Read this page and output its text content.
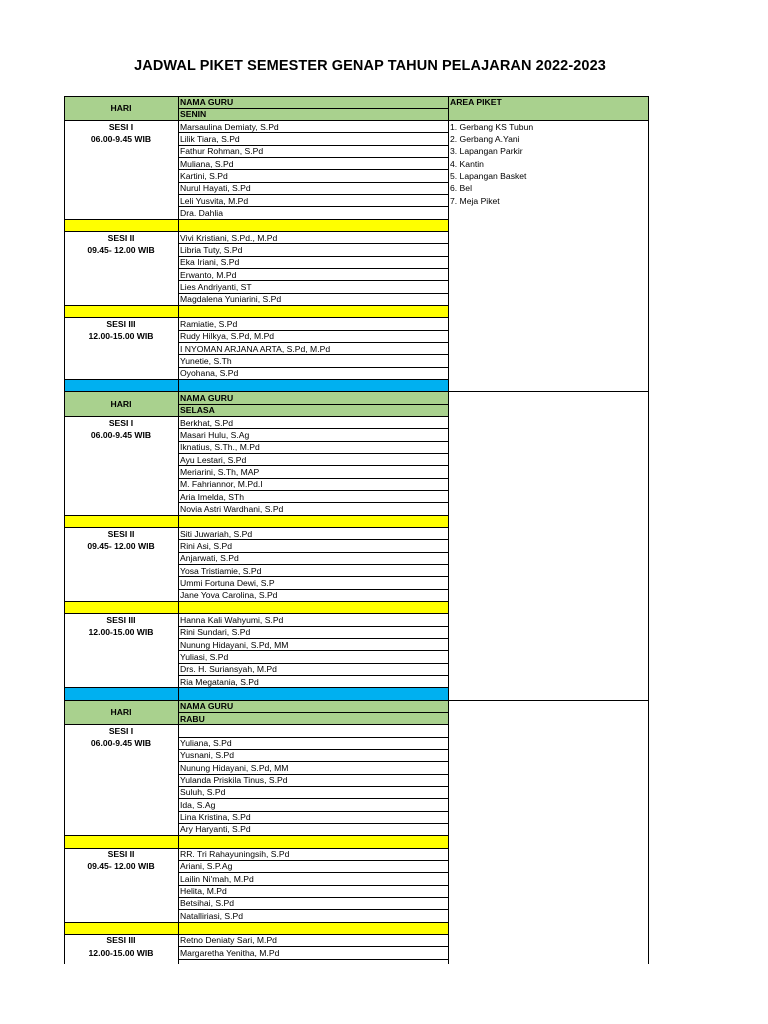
JADWAL PIKET SEMESTER GENAP TAHUN PELAJARAN 2022-2023
HARI
NAMA GURU
SENIN
AREA PIKET
SESI I
06.00-9.45 WIB
Marsaulina Demiaty, S.Pd
Lilik Tiara, S.Pd
Fathur Rohman, S.Pd
Muliana, S.Pd
Kartini, S.Pd
Nurul Hayati, S.Pd
Leli Yusvita, M.Pd
Dra. Dahlia
SESI II
09.45- 12.00 WIB
Vivi Kristiani, S.Pd., M.Pd
Libria Tuty, S.Pd
Eka Iriani, S.Pd
Erwanto, M.Pd
Lies Andriyanti, ST
Magdalena Yuniarini, S.Pd
SESI III
12.00-15.00 WIB
Ramiatie, S.Pd
Rudy Hilkya, S.Pd, M.Pd
I NYOMAN ARJANA ARTA, S.Pd, M.Pd
Yunetie, S.Th
Oyohana, S.Pd
HARI
NAMA GURU
SELASA
SESI I
06.00-9.45 WIB
Berkhat, S.Pd
Masari Hulu, S.Ag
Iknatius, S.Th., M.Pd
Ayu Lestari, S.Pd
Meriarini, S.Th, MAP
M. Fahriannor, M.Pd.I
Aria Imelda, STh
Novia Astri Wardhani, S.Pd
SESI II
09.45- 12.00 WIB
Siti Juwariah, S.Pd
Rini Asi, S.Pd
Anjarwati, S.Pd
Yosa Tristiamie, S.Pd
Ummi Fortuna Dewi, S.P
Jane Yova Carolina, S.Pd
SESI III
12.00-15.00 WIB
Hanna Kali Wahyumi, S.Pd
Rini Sundari, S.Pd
Nunung Hidayani, S.Pd, MM
Yuliasi, S.Pd
Drs. H. Suriansyah, M.Pd
Ria Megatania, S.Pd
HARI
NAMA GURU
RABU
SESI I
06.00-9.45 WIB	Yuliana, S.Pd
Yusnani, S.Pd
Nunung Hidayani, S.Pd, MM
Yulanda Priskila Tinus, S.Pd
Suluh, S.Pd
Ida, S.Ag
Lina Kristina, S.Pd
Ary Haryanti, S.Pd
SESI II
09.45- 12.00 WIB
RR. Tri Rahayuningsih, S.Pd
Ariani, S.P.Ag
Lailin Ni'mah, M.Pd
Helita, M.Pd
Betsihai, S.Pd
Natalliriasi, S.Pd
SESI III
12.00-15.00 WIB
Retno Deniaty Sari, M.Pd
Margaretha Yenitha, M.Pd
1. Gerbang KS Tubun
2. Gerbang A.Yani
3. Lapangan Parkir
4. Kantin
5. Lapangan Basket
6. Bel
7. Meja Piket
